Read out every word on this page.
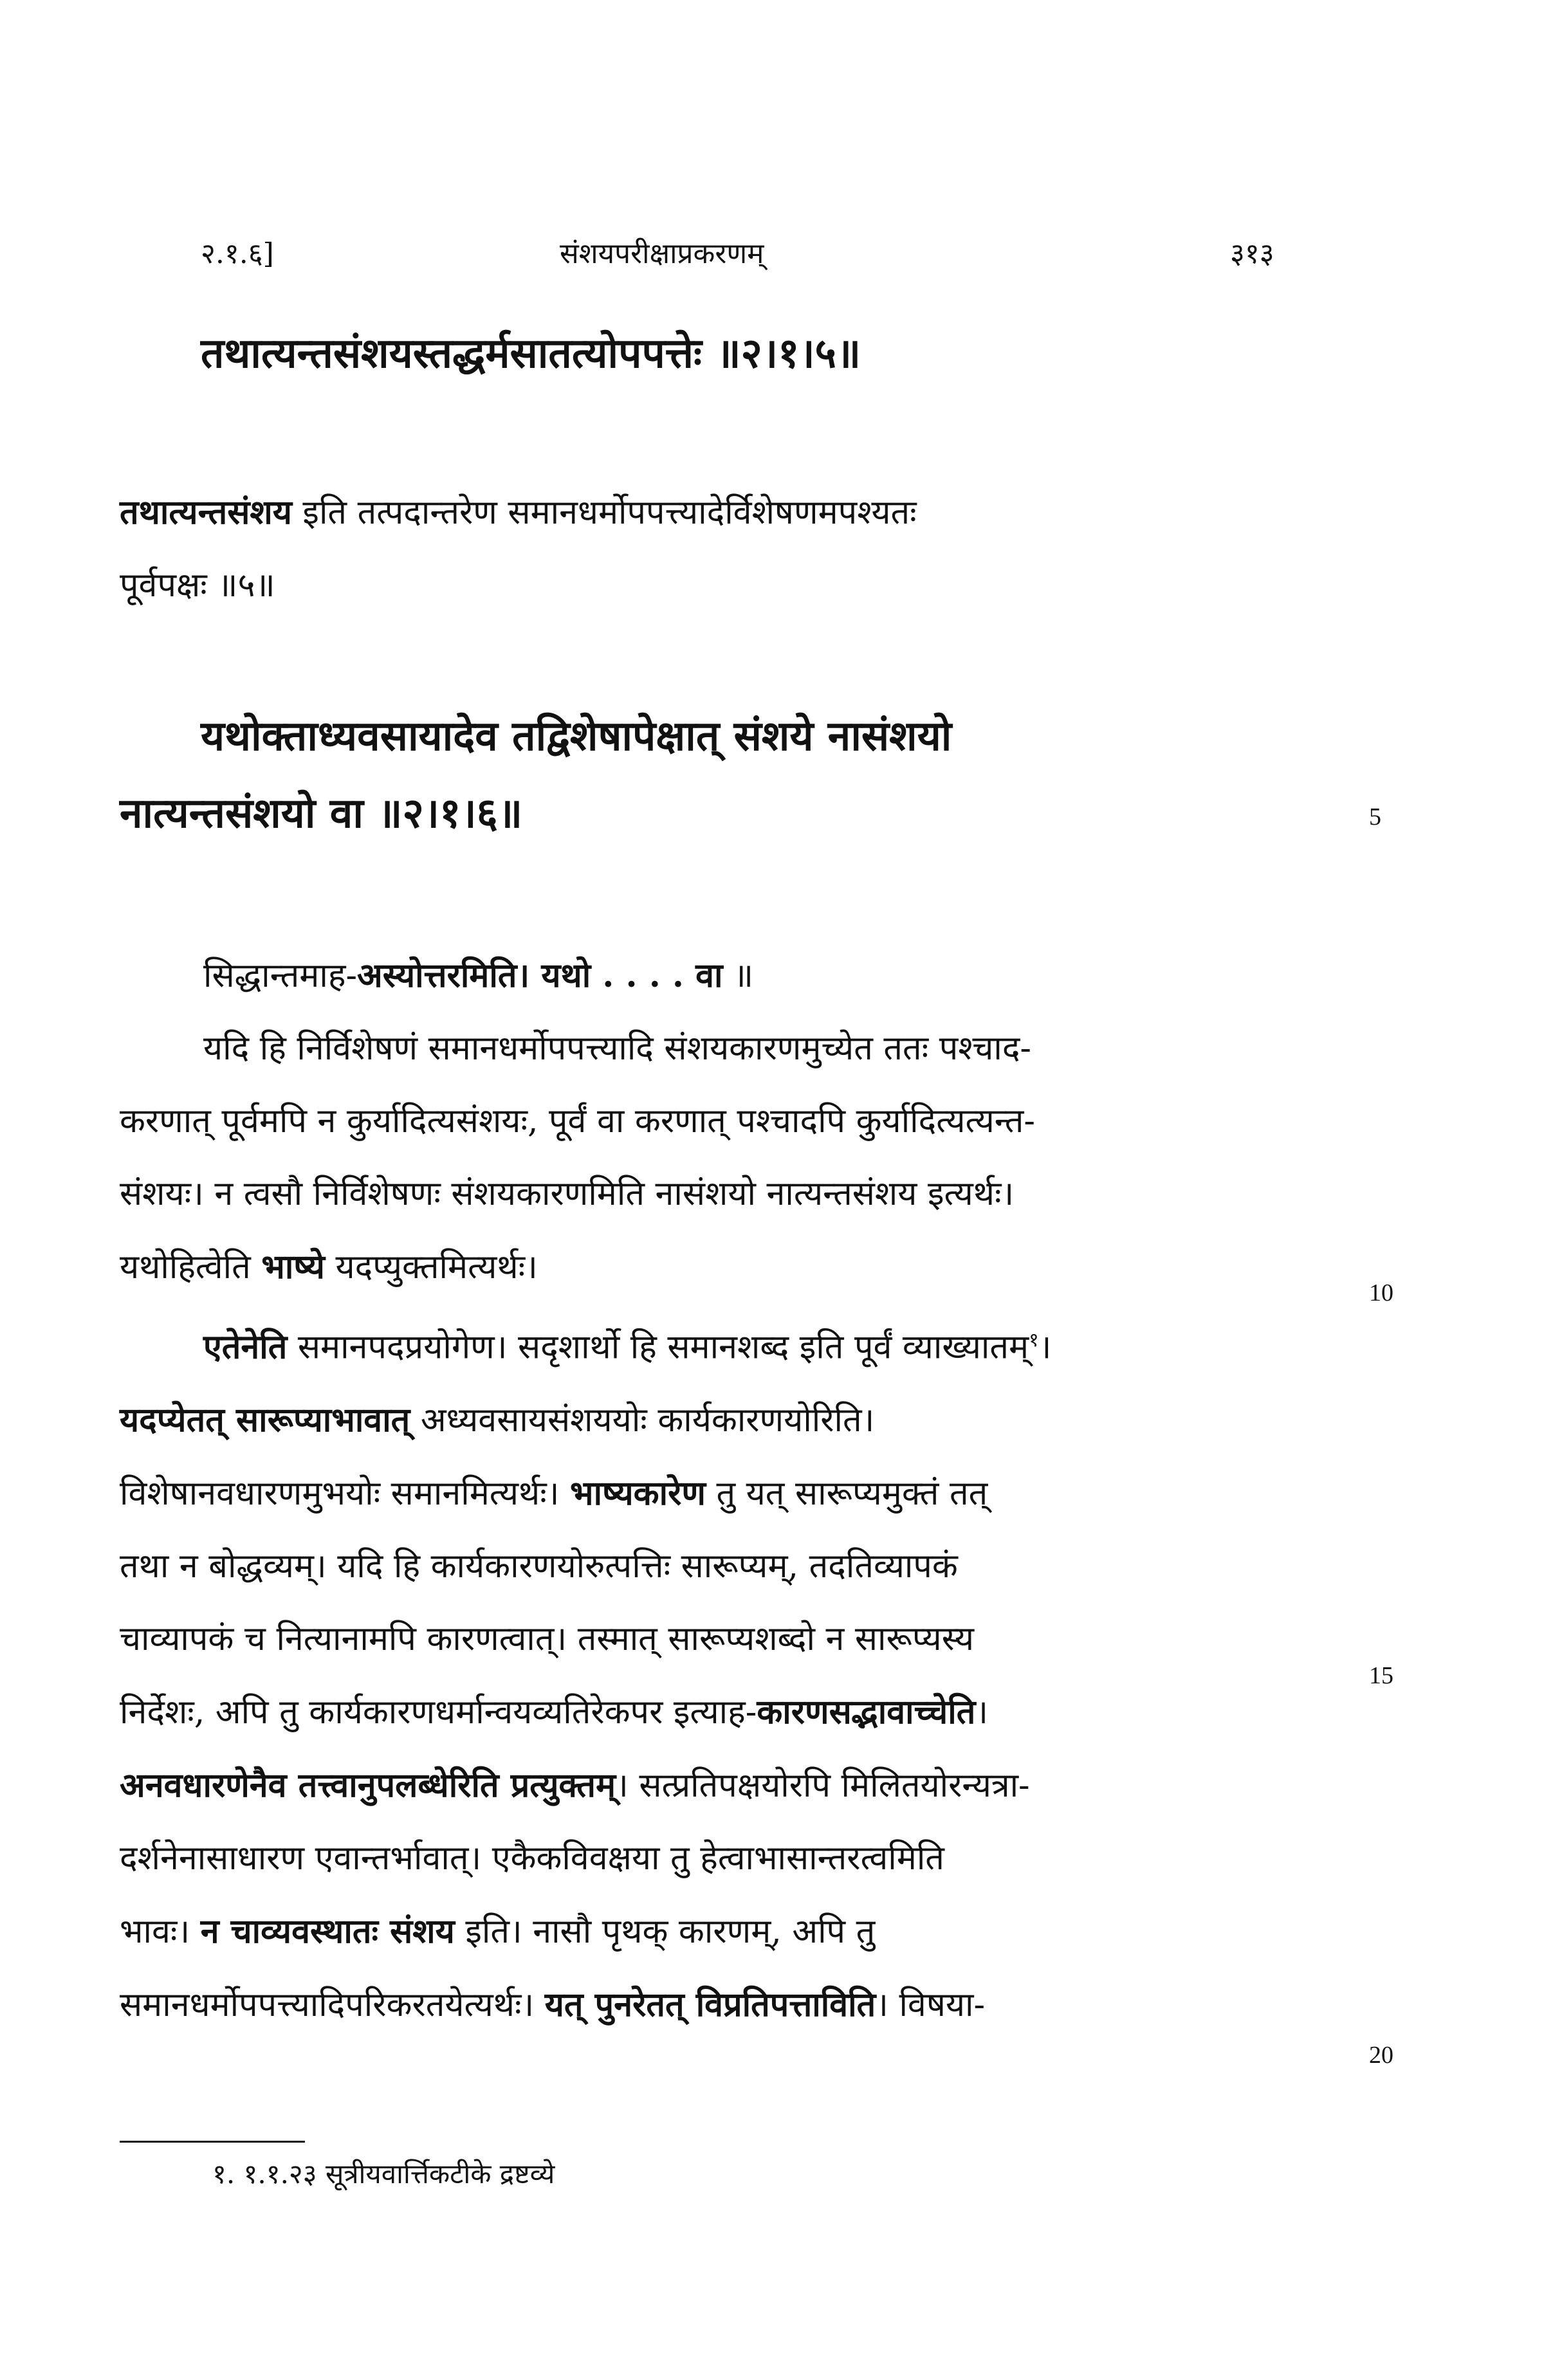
२.१.६]	संशयपरीक्षाप्रकरणम्	३१३

तथात्यन्तसंशयस्तद्धर्मसातत्योपपत्तेः ॥२।१।५॥

तथात्यन्तसंशय इति तत्पदान्तरेण समानधर्मोपपत्त्यादेर्विशेषणमपश्यतः
पूर्वपक्षः ॥५॥

यथोक्ताध्यवसायादेव तद्विशेषापेक्षात् संशये नासंशयो
नात्यन्तसंशयो वा ॥२।१।६॥

सिद्धान्तमाह-अस्योत्तरमिति। यथो . . . . वा ॥
यदि हि निर्विशेषणं समानधर्मोपपत्त्यादि संशयकारणमुच्येत ततः पश्चाद-
करणात् पूर्वमपि न कुर्यादित्यसंशयः, पूर्वं वा करणात् पश्चादपि कुर्यादित्यत्यन्त-
संशयः। न त्वसौ निर्विशेषणः संशयकारणमिति नासंशयो नात्यन्तसंशय इत्यर्थः।
यथोहित्वेति भाष्ये यदप्युक्तमित्यर्थः।
एतेनेति समानपदप्रयोगेण। सदृशार्थो हि समानशब्द इति पूर्वं व्याख्यातम्$^१$।
यदप्येतत् सारूप्याभावात् अध्यवसायसंशययोः कार्यकारणयोरिति।
विशेषानवधारणमुभयोः समानमित्यर्थः। भाष्यकारेण तु यत् सारूप्यमुक्तं तत्
तथा न बोद्धव्यम्। यदि हि कार्यकारणयोरुत्पत्तिः सारूप्यम्, तदतिव्यापकं
चाव्यापकं च नित्यानामपि कारणत्वात्। तस्मात् सारूप्यशब्दो न सारूप्यस्य
निर्देशः, अपि तु कार्यकारणधर्मान्वयव्यतिरेकपर इत्याह-कारणसद्भावाच्चेति।
अनवधारणेनैव तत्त्वानुपलब्धेरिति प्रत्युक्तम्। सत्प्रतिपक्षयोरपि मिलितयोरन्यत्रा-
दर्शनेनासाधारण एवान्तर्भावात्। एकैकविवक्षया तु हेत्वाभासान्तरत्वमिति
भावः। न चाव्यवस्थातः संशय इति। नासौ पृथक् कारणम्, अपि तु
समानधर्मोपपत्त्यादिपरिकरतयेत्यर्थः। यत् पुनरेतत् विप्रतिपत्ताविति। विषया-
5
10
15
20

१. १.१.२३ सूत्रीयवार्त्तिकटीके द्रष्टव्ये
